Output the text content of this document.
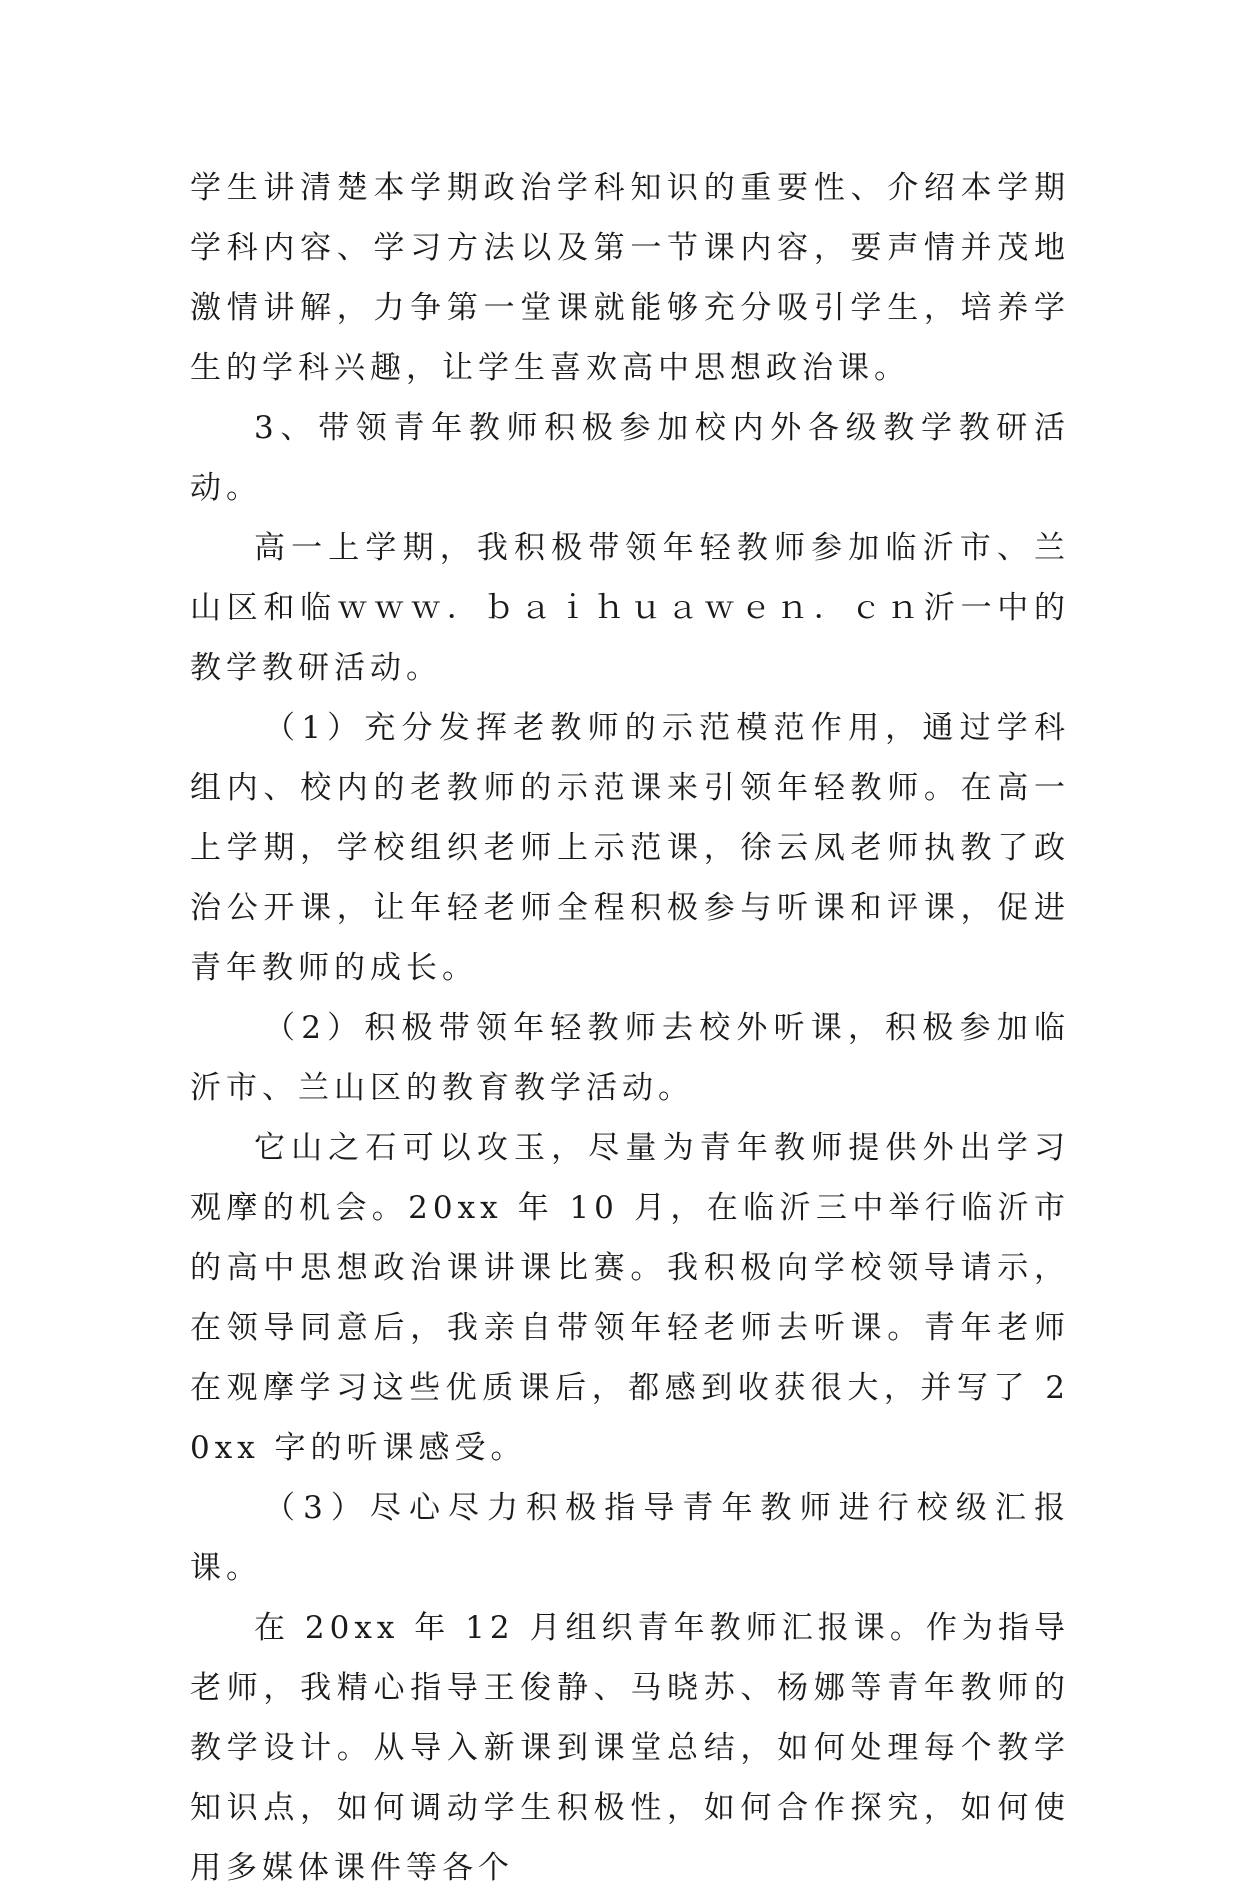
学生讲清楚本学期政治学科知识的重要性、介绍本学期学科内容、学习方法以及第一节课内容，要声情并茂地激情讲解，力争第一堂课就能够充分吸引学生，培养学生的学科兴趣，让学生喜欢高中思想政治课。

3、带领青年教师积极参加校内外各级教学教研活动。

高一上学期，我积极带领年轻教师参加临沂市、兰山区和临ｗｗｗ．ｂａｉｈｕａｗｅｎ．ｃｎ沂一中的教学教研活动。

（1）充分发挥老教师的示范模范作用，通过学科组内、校内的老教师的示范课来引领年轻教师。在高一上学期，学校组织老师上示范课，徐云凤老师执教了政治公开课，让年轻老师全程积极参与听课和评课，促进青年教师的成长。

（2）积极带领年轻教师去校外听课，积极参加临沂市、兰山区的教育教学活动。

它山之石可以攻玉，尽量为青年教师提供外出学习观摩的机会。20xx 年 10 月，在临沂三中举行临沂市的高中思想政治课讲课比赛。我积极向学校领导请示，在领导同意后，我亲自带领年轻老师去听课。青年老师在观摩学习这些优质课后，都感到收获很大，并写了 20xx 字的听课感受。

（3）尽心尽力积极指导青年教师进行校级汇报课。

在 20xx 年 12 月组织青年教师汇报课。作为指导老师，我精心指导王俊静、马晓苏、杨娜等青年教师的教学设计。从导入新课到课堂总结，如何处理每个教学知识点，如何调动学生积极性，如何合作探究，如何使用多媒体课件等各个
